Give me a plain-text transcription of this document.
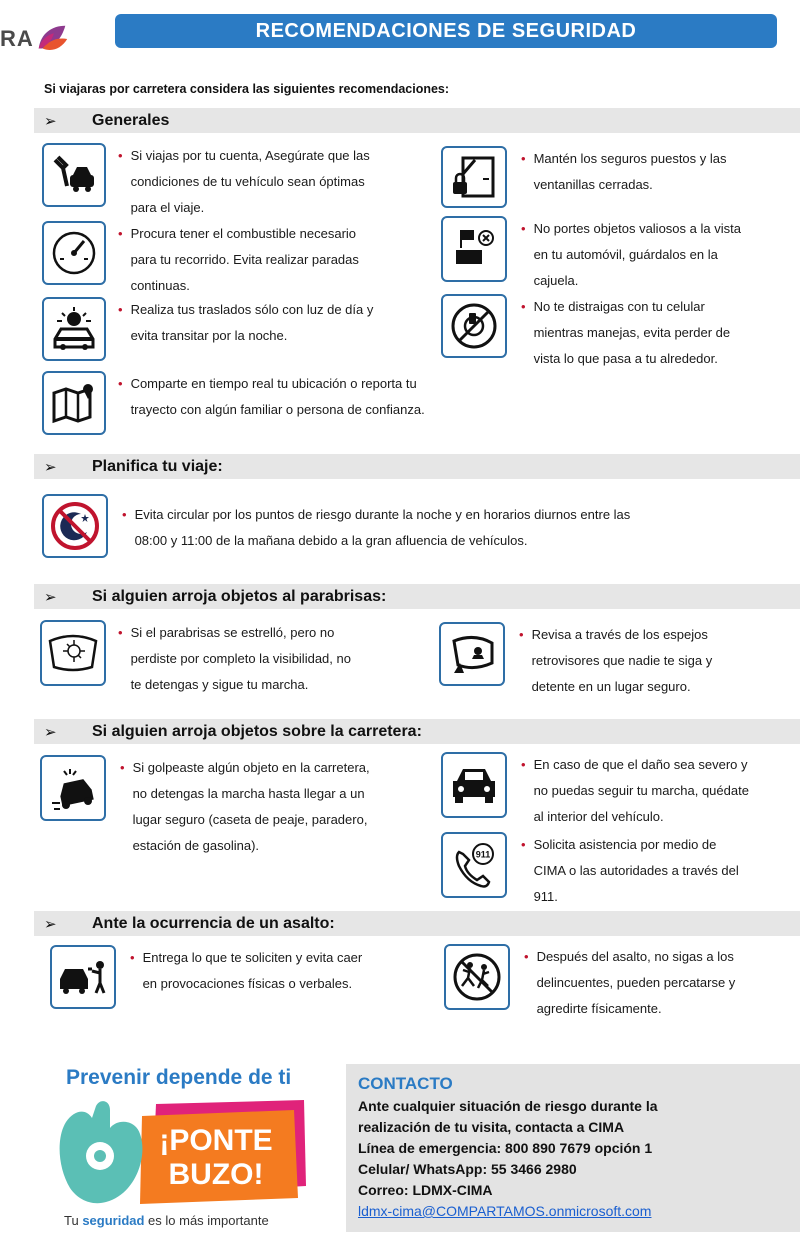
RA	RECOMENDACIONES DE SEGURIDAD
Si viajaras por carretera considera las siguientes recomendaciones:
➢	Generales
• Si viajas por tu cuenta, Asegúrate que las
condiciones de tu vehículo sean óptimas
para el viaje.
• Procura tener el combustible necesario
para tu recorrido. Evita realizar paradas
continuas.
• Realiza tus traslados sólo con luz de día y
evita transitar por la noche.
• Comparte en tiempo real tu ubicación o reporta tu
trayecto con algún familiar o persona de confianza.
• Mantén los seguros puestos y las
ventanillas cerradas.
• No portes objetos valiosos a la vista
en tu automóvil, guárdalos en la
cajuela.
• No te distraigas con tu celular
mientras manejas, evita perder de
vista lo que pasa a tu alrededor.
➢	Planifica tu viaje:
• Evita circular por los puntos de riesgo durante la noche y en horarios diurnos entre las
08:00 y 11:00 de la mañana debido a la gran afluencia de vehículos.
➢	Si alguien arroja objetos al parabrisas:
• Si el parabrisas se estrelló, pero no
perdiste por completo la visibilidad, no
te detengas y sigue tu marcha.
• Revisa a través de los espejos
retrovisores que nadie te siga y
detente en un lugar seguro.
➢	Si alguien arroja objetos sobre la carretera:
• Si golpeaste algún objeto en la carretera,
no detengas la marcha hasta llegar a un
lugar seguro (caseta de peaje, paradero,
estación de gasolina).
• En caso de que el daño sea severo y
no puedas seguir tu marcha, quédate
al interior del vehículo.
911
• Solicita asistencia por medio de
CIMA o las autoridades a través del
911.
➢	Ante la ocurrencia de un asalto:
• Entrega lo que te soliciten y evita caer
en provocaciones físicas o verbales.
• Después del asalto, no sigas a los
delincuentes, pueden percatarse y
agredirte físicamente.
Prevenir depende de ti
¡PONTE
BUZO!
Tu seguridad es lo más importante
CONTACTO
Ante cualquier situación de riesgo durante la
realización de tu visita, contacta a CIMA
Línea de emergencia: 800 890 7679 opción 1
Celular/ WhatsApp: 55 3466 2980
Correo: LDMX-CIMA
ldmx-cima@COMPARTAMOS.onmicrosoft.com
